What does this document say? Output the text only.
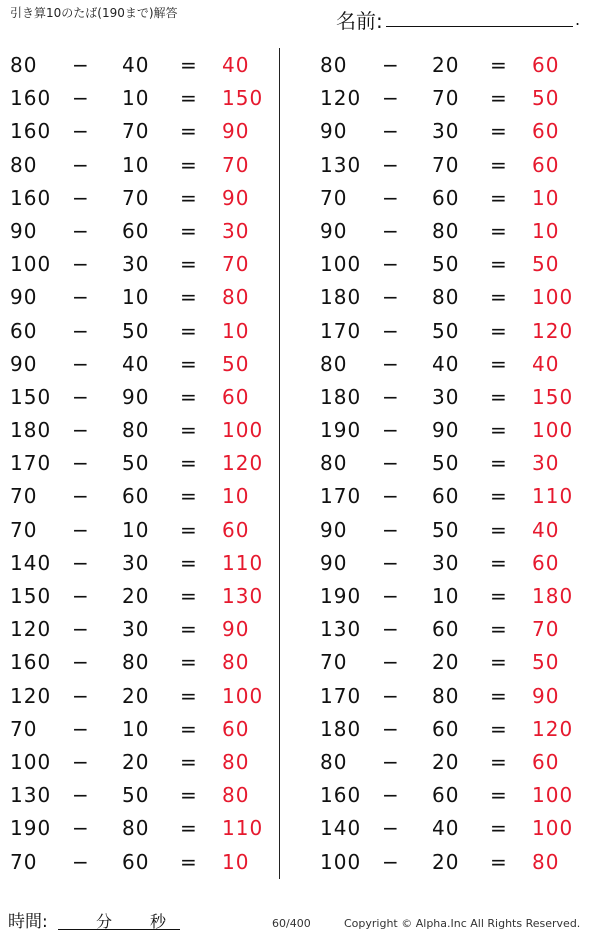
引き算10のたば(190まで)解答	名前:	.
80 − 40 = 40
160 − 10 = 150
160 − 70 = 90
80 − 10 = 70
160 − 70 = 90
90 − 60 = 30
100 − 30 = 70
90 − 10 = 80
60 − 50 = 10
90 − 40 = 50
150 − 90 = 60
180 − 80 = 100
170 − 50 = 120
70 − 60 = 10
70 − 10 = 60
140 − 30 = 110
150 − 20 = 130
120 − 30 = 90
160 − 80 = 80
120 − 20 = 100
70 − 10 = 60
100 − 20 = 80
130 − 50 = 80
190 − 80 = 110
70 − 60 = 10
80 − 20 = 60
120 − 70 = 50
90 − 30 = 60
130 − 70 = 60
70 − 60 = 10
90 − 80 = 10
100 − 50 = 50
180 − 80 = 100
170 − 50 = 120
80 − 40 = 40
180 − 30 = 150
190 − 90 = 100
80 − 50 = 30
170 − 60 = 110
90 − 50 = 40
90 − 30 = 60
190 − 10 = 180
130 − 60 = 70
70 − 20 = 50
170 − 80 = 90
180 − 60 = 120
80 − 20 = 60
160 − 60 = 100
140 − 40 = 100
100 − 20 = 80
時間:	分 秒	60/400	Copyright © Alpha.Inc All Rights Reserved.
